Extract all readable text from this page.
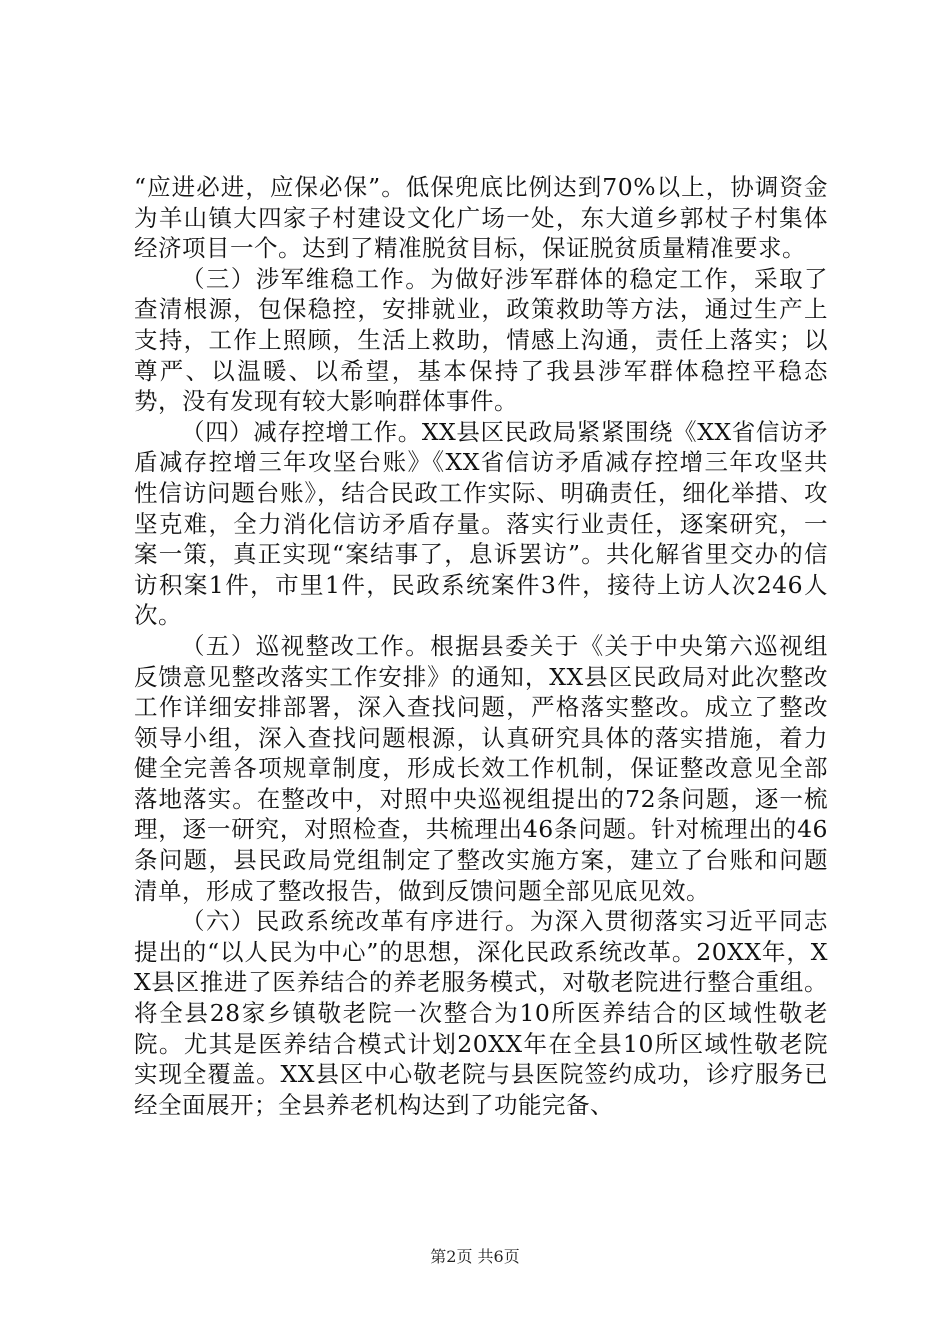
“应进必进，应保必保”。低保兜底比例达到70%以上，协调资金为羊山镇大四家子村建设文化广场一处，东大道乡郭杖子村集体经济项目一个。达到了精准脱贫目标，保证脱贫质量精准要求。

（三）涉军维稳工作。为做好涉军群体的稳定工作，采取了查清根源，包保稳控，安排就业，政策救助等方法，通过生产上支持，工作上照顾，生活上救助，情感上沟通，责任上落实；以尊严、以温暖、以希望，基本保持了我县涉军群体稳控平稳态势，没有发现有较大影响群体事件。

（四）减存控增工作。XX县区民政局紧紧围绕《XX省信访矛盾减存控增三年攻坚台账》《XX省信访矛盾减存控增三年攻坚共性信访问题台账》，结合民政工作实际、明确责任，细化举措、攻坚克难，全力消化信访矛盾存量。落实行业责任，逐案研究，一案一策，真正实现“案结事了，息诉罢访”。共化解省里交办的信访积案1件，市里1件，民政系统案件3件，接待上访人次246人次。

（五）巡视整改工作。根据县委关于《关于中央第六巡视组反馈意见整改落实工作安排》的通知，XX县区民政局对此次整改工作详细安排部署，深入查找问题，严格落实整改。成立了整改领导小组，深入查找问题根源，认真研究具体的落实措施，着力健全完善各项规章制度，形成长效工作机制，保证整改意见全部落地落实。在整改中，对照中央巡视组提出的72条问题，逐一梳理，逐一研究，对照检查，共梳理出46条问题。针对梳理出的46条问题，县民政局党组制定了整改实施方案，建立了台账和问题清单，形成了整改报告，做到反馈问题全部见底见效。

（六）民政系统改革有序进行。为深入贯彻落实习近平同志提出的“以人民为中心”的思想，深化民政系统改革。20XX年，XX县区推进了医养结合的养老服务模式，对敬老院进行整合重组。将全县28家乡镇敬老院一次整合为10所医养结合的区域性敬老院。尤其是医养结合模式计划20XX年在全县10所区域性敬老院实现全覆盖。XX县区中心敬老院与县医院签约成功，诊疗服务已经全面展开；全县养老机构达到了功能完备、

第2页 共6页
